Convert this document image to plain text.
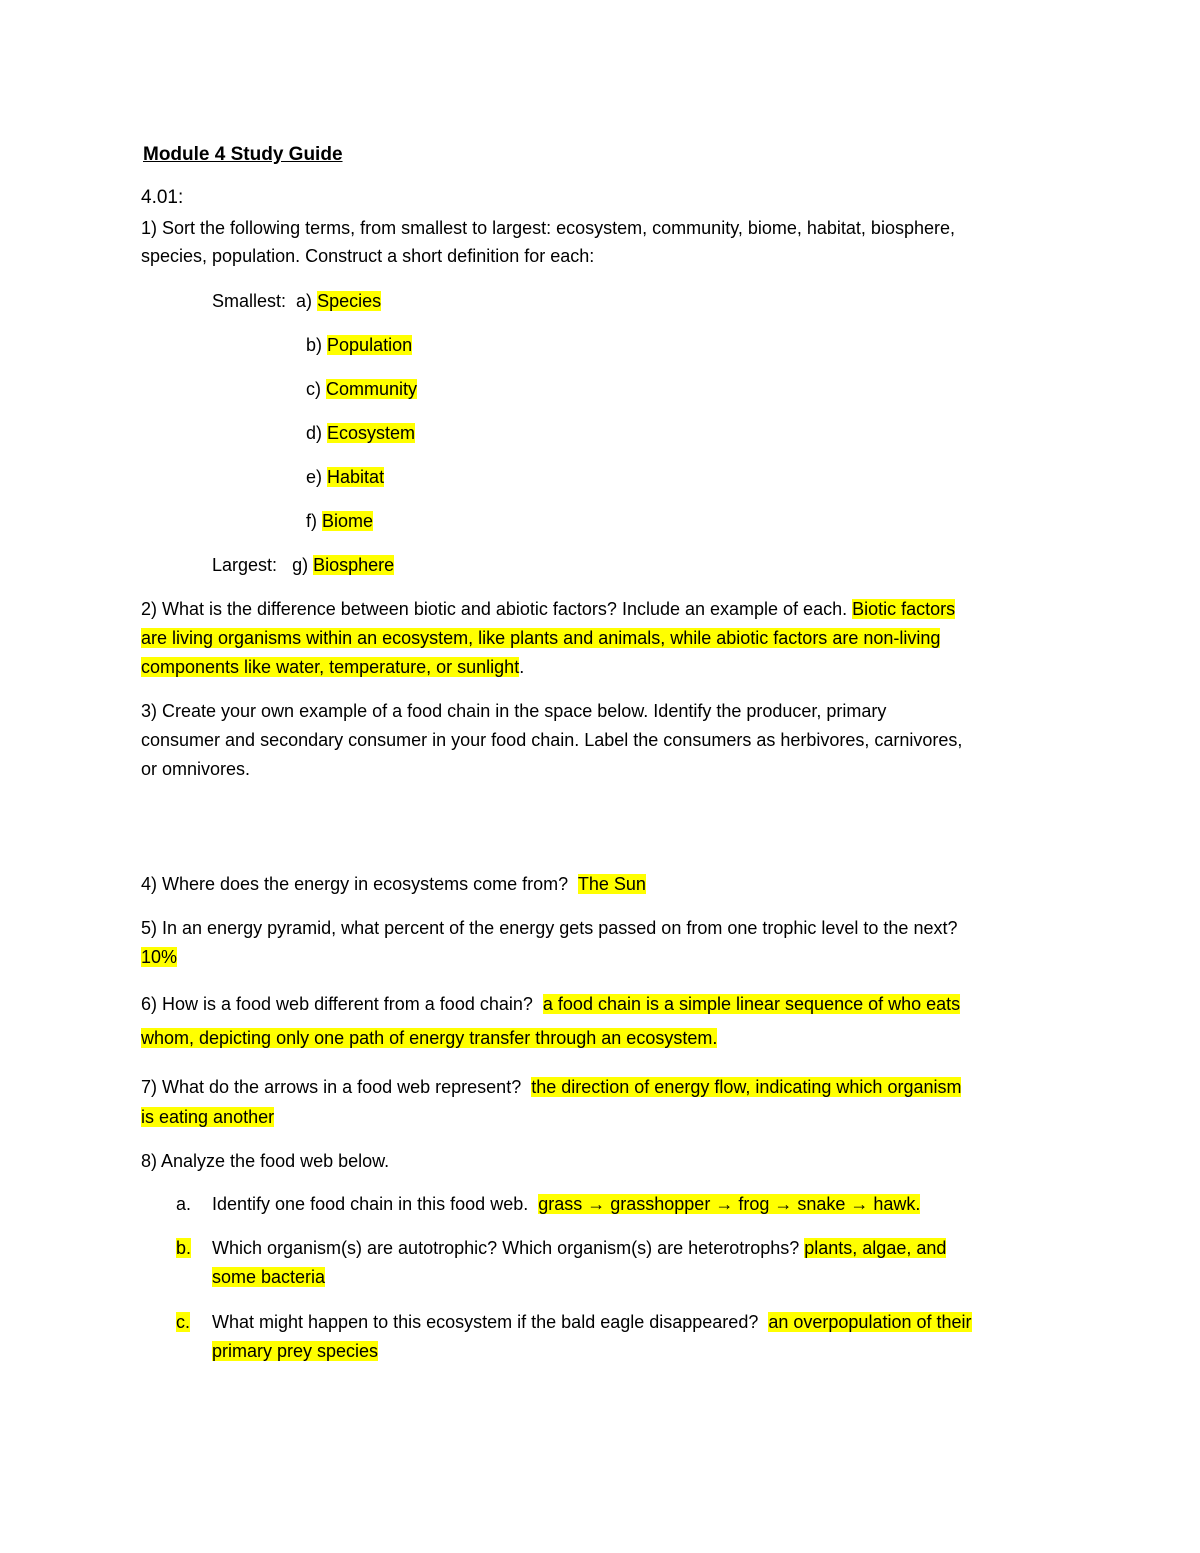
Module 4 Study Guide
4.01:
1) Sort the following terms, from smallest to largest: ecosystem, community, biome, habitat, biosphere,
species, population. Construct a short definition for each:
Smallest: a) Species
b) Population
c) Community
d) Ecosystem
e) Habitat
f) Biome
Largest: g) Biosphere
2) What is the difference between biotic and abiotic factors? Include an example of each. Biotic factors
are living organisms within an ecosystem, like plants and animals, while abiotic factors are non-living
components like water, temperature, or sunlight.
3) Create your own example of a food chain in the space below. Identify the producer, primary
consumer and secondary consumer in your food chain. Label the consumers as herbivores, carnivores,
or omnivores.
4) Where does the energy in ecosystems come from? The Sun
5) In an energy pyramid, what percent of the energy gets passed on from one trophic level to the next?
10%
6) How is a food web different from a food chain? a food chain is a simple linear sequence of who eats
whom, depicting only one path of energy transfer through an ecosystem.
7) What do the arrows in a food web represent? the direction of energy flow, indicating which organism
is eating another
8) Analyze the food web below.
a. Identify one food chain in this food web. grass → grasshopper → frog → snake → hawk.
b. Which organism(s) are autotrophic? Which organism(s) are heterotrophs? plants, algae, and
some bacteria
c. What might happen to this ecosystem if the bald eagle disappeared? an overpopulation of their
primary prey species
